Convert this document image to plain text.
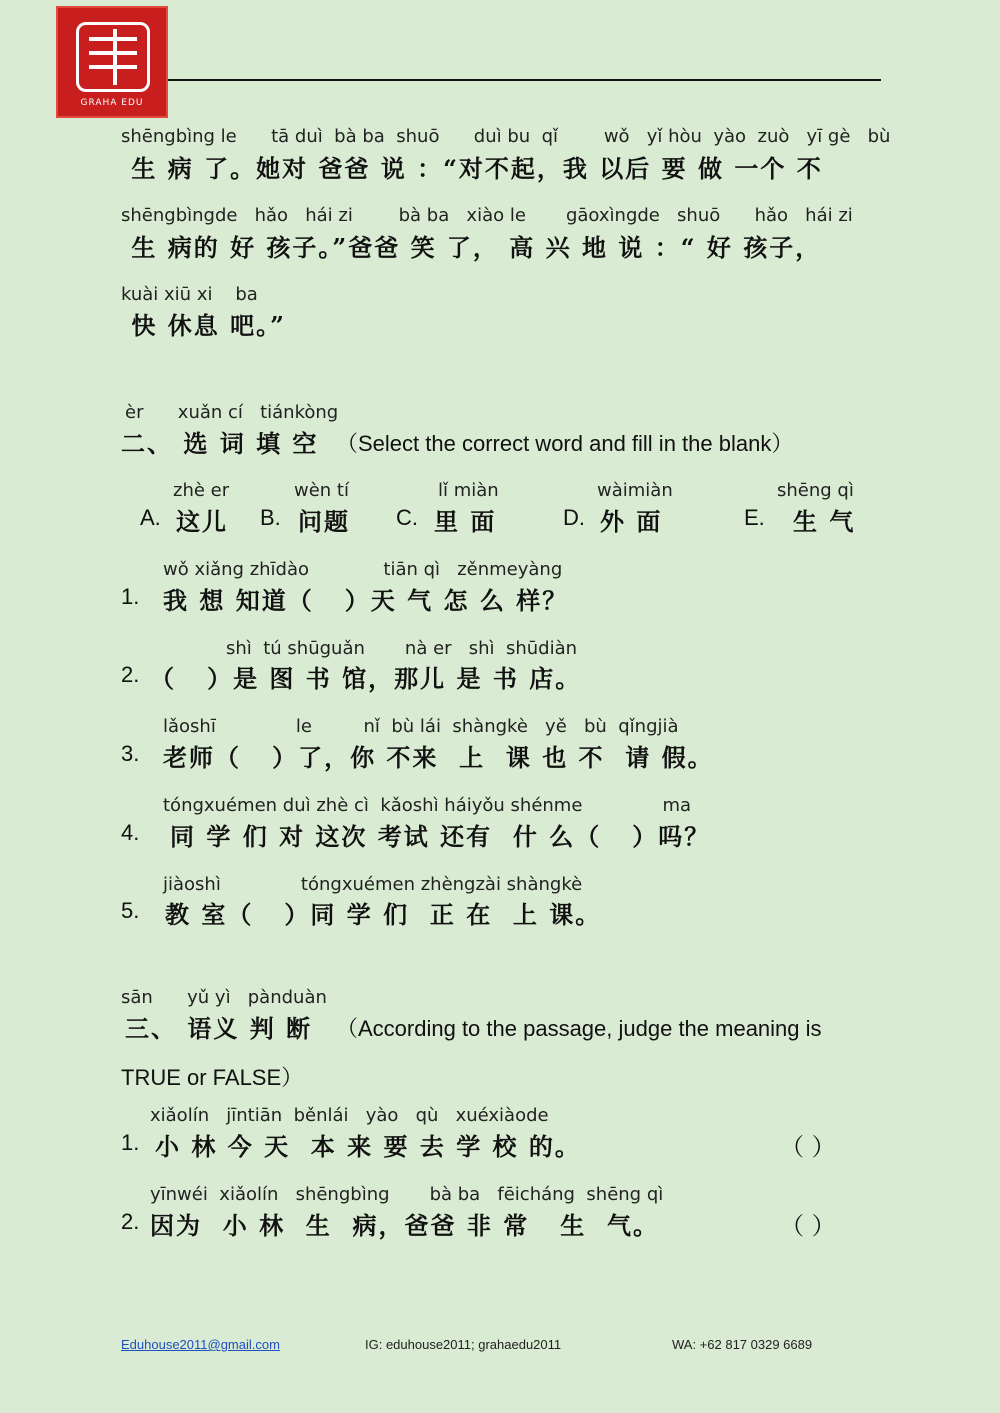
GRAHA EDU
shēngbìng le      tā duì  bà ba  shuō      duì bu  qǐ        wǒ   yǐ hòu  yào  zuò   yī gè   bù
生 病 了。她对 爸爸 说 ：“对不起，我 以后 要 做 一个 不
shēngbìngde   hǎo   hái zi        bà ba   xiào le       gāoxìngde   shuō      hǎo   hái zi
生 病的 好 孩子。”爸爸 笑 了， 高 兴 地 说 ：“ 好 孩子，
kuài xiū xi    ba
快 休息 吧。”
èr      xuǎn cí   tiánkòng
二、 选 词 填 空 （Select the correct word and fill in the blank）
zhè er
A. 这儿
wèn tí
B. 问题
lǐ miàn
C. 里 面
wàimiàn
D. 外 面
shēng qì
E. 生 气
wǒ xiǎng zhīdào             tiān qì   zěnmeyàng
1. 我 想 知道（   ）天 气 怎 么 样？
shì  tú shūguǎn       nà er   shì  shūdiàn
2. （   ）是 图 书 馆，那儿 是 书 店。
lǎoshī              le         nǐ  bù lái  shàngkè   yě   bù  qǐngjià
3. 老师（   ）了，你 不来  上  课 也 不  请 假。
tóngxuémen duì zhè cì  kǎoshì háiyǒu shénme              ma
4. 同 学 们 对 这次 考试 还有  什 么（   ）吗？
jiàoshì              tóngxuémen zhèngzài shàngkè
5. 教 室（   ）同 学 们  正 在  上 课。
sān      yǔ yì   pànduàn
三、 语义 判 断 （According to the passage, judge the meaning is
TRUE or FALSE）
xiǎolín   jīntiān  běnlái   yào   qù   xuéxiàode
1. 小 林 今 天  本 来 要 去 学 校 的。	（ ）
yīnwéi  xiǎolín   shēngbìng       bà ba   fēicháng  shēng qì
2. 因为  小 林  生  病，爸爸 非 常   生  气。	（ ）
Eduhouse2011@gmail.com	IG: eduhouse2011; grahaedu2011	WA: +62 817 0329 6689
